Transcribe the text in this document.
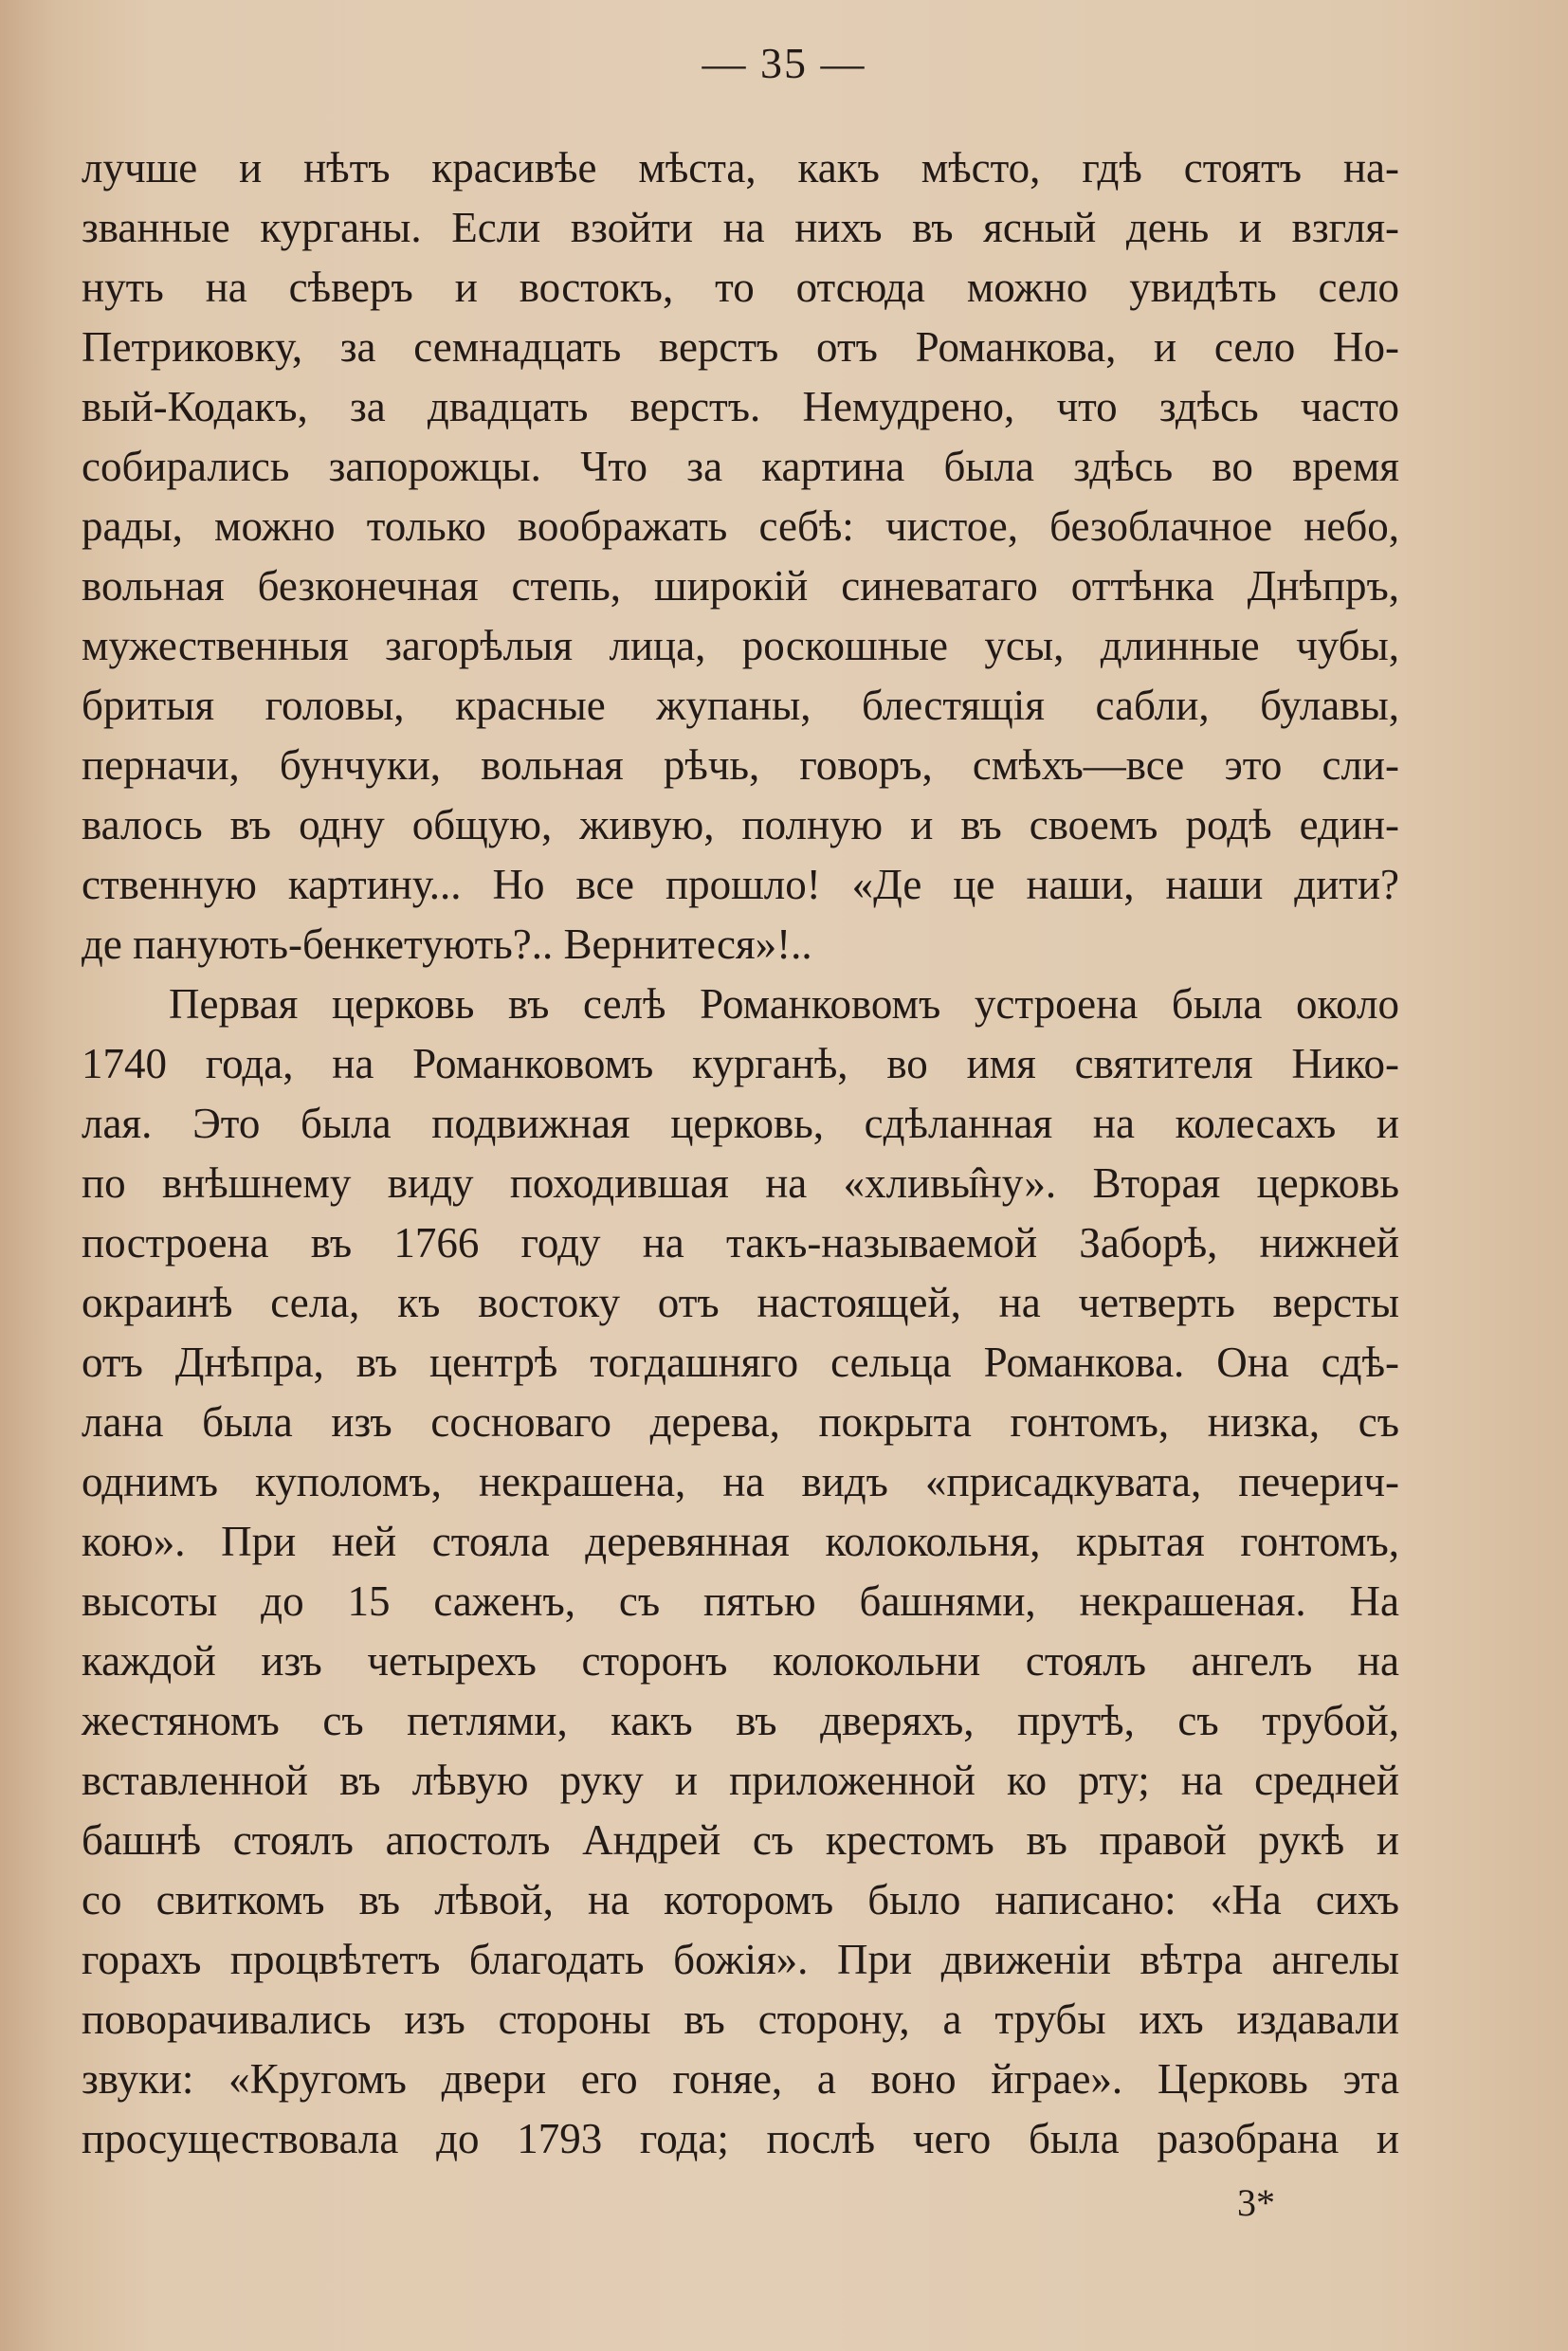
— 35 —
лучше и нѣтъ красивѣе мѣста, какъ мѣсто, гдѣ стоятъ на-
званные курганы. Если взойти на нихъ въ ясный день и взгля-
нуть на сѣверъ и востокъ, то отсюда можно увидѣть село
Петриковку, за семнадцать верстъ отъ Романкова, и село Но-
вый-Кодакъ, за двадцать верстъ. Немудрено, что здѣсь часто
собирались запорожцы. Что за картина была здѣсь во время
рады, можно только воображать себѣ: чистое, безоблачное небо,
вольная безконечная степь, широкій синеватаго оттѣнка Днѣпръ,
мужественныя загорѣлыя лица, роскошные усы, длинные чубы,
бритыя головы, красные жупаны, блестящія сабли, булавы,
перначи, бунчуки, вольная рѣчь, говоръ, смѣхъ—все это сли-
валось въ одну общую, живую, полную и въ своемъ родѣ един-
ственную картину... Но все прошло! «Де це наши, наши дити?
де панують-бенкетують?.. Вернитеся»!..
Первая церковь въ селѣ Романковомъ устроена была около
1740 года, на Романковомъ курганѣ, во имя святителя Нико-
лая. Это была подвижная церковь, сдѣланная на колесахъ и
по внѣшнему виду походившая на «хливы̂ну». Вторая церковь
построена въ 1766 году на такъ-называемой Заборѣ, нижней
окраинѣ села, къ востоку отъ настоящей, на четверть версты
отъ Днѣпра, въ центрѣ тогдашняго сельца Романкова. Она сдѣ-
лана была изъ сосноваго дерева, покрыта гонтомъ, низка, съ
однимъ куполомъ, некрашена, на видъ «присадкувата, печерич-
кою». При ней стояла деревянная колокольня, крытая гонтомъ,
высоты до 15 саженъ, съ пятью башнями, некрашеная. На
каждой изъ четырехъ сторонъ колокольни стоялъ ангелъ на
жестяномъ съ петлями, какъ въ дверяхъ, прутѣ, съ трубой,
вставленной въ лѣвую руку и приложенной ко рту; на средней
башнѣ стоялъ апостолъ Андрей съ крестомъ въ правой рукѣ и
со свиткомъ въ лѣвой, на которомъ было написано: «На сихъ
горахъ процвѣтетъ благодать божія». При движеніи вѣтра ангелы
поворачивались изъ стороны въ сторону, а трубы ихъ издавали
звуки: «Кругомъ двери его гоняе, а воно йграе». Церковь эта
просуществовала до 1793 года; послѣ чего была разобрана и
3*
